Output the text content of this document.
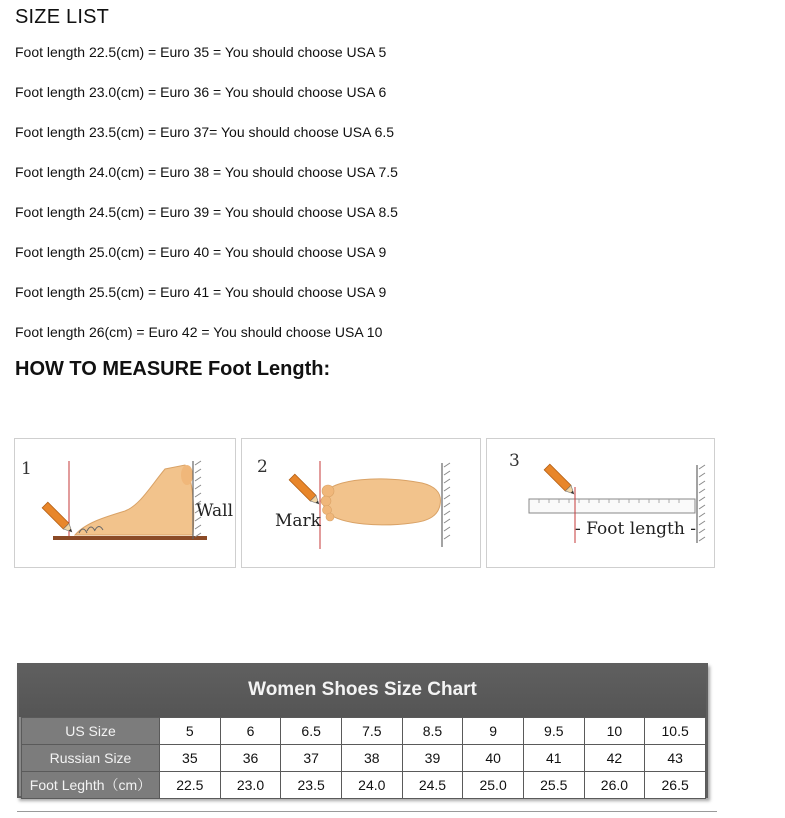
SIZE LIST
Foot length 22.5(cm) = Euro 35 = You should choose USA 5
Foot length 23.0(cm) = Euro 36 = You should choose USA 6
Foot length 23.5(cm) = Euro 37= You should choose USA 6.5
Foot length 24.0(cm) = Euro 38 = You should choose USA 7.5
Foot length 24.5(cm) = Euro 39 = You should choose USA 8.5
Foot length 25.0(cm) = Euro 40 = You should choose USA 9
Foot length 25.5(cm) = Euro 41 = You should choose USA 9
Foot length 26(cm) = Euro 42 = You should choose USA 10
HOW TO MEASURE Foot Length:
1
Wall
2
Mark
3
- Foot length -
Women Shoes Size Chart
US Size	5	6	6.5	7.5	8.5	9	9.5	10	10.5
Russian Size	35	36	37	38	39	40	41	42	43
Foot Leghth（cm）	22.5	23.0	23.5	24.0	24.5	25.0	25.5	26.0	26.5
